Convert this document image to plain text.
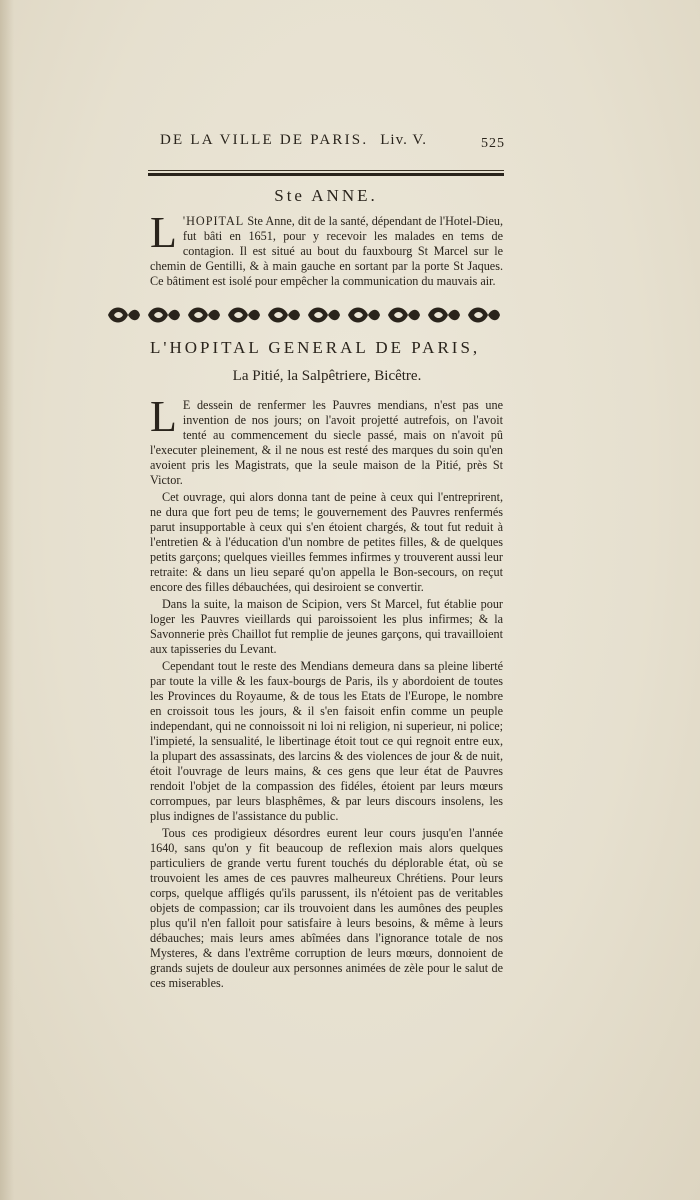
DE LA VILLE DE PARIS. Liv. V.	525
Ste ANNE.

L 'HOPITAL Ste Anne, dit de la santé, dépendant de l'Hotel-Dieu, fut bâti en 1651, pour y recevoir les malades en tems de contagion. Il est situé au bout du fauxbourg St Marcel sur le chemin de Gentilli, & à main gauche en sortant par la porte St Jaques. Ce bâtiment est isolé pour empêcher la communication du mauvais air.

L'HOPITAL GENERAL DE PARIS,
La Pitié, la Salpêtriere, Bicêtre.

L E dessein de renfermer les Pauvres mendians, n'est pas une invention de nos jours; on l'avoit projetté autrefois, on l'avoit tenté au commencement du siecle passé, mais on n'avoit pû l'executer pleinement, & il ne nous est resté des marques du soin qu'en avoient pris les Magistrats, que la seule maison de la Pitié, près St Victor.

Cet ouvrage, qui alors donna tant de peine à ceux qui l'entreprirent, ne dura que fort peu de tems; le gouvernement des Pauvres renfermés parut insupportable à ceux qui s'en étoient chargés, & tout fut reduit à l'entretien & à l'éducation d'un nombre de petites filles, & de quelques petits garçons; quelques vieilles femmes infirmes y trouverent aussi leur retraite: & dans un lieu separé qu'on appella le Bon-secours, on reçut encore des filles débauchées, qui desiroient se convertir.

Dans la suite, la maison de Scipion, vers St Marcel, fut établie pour loger les Pauvres vieillards qui paroissoient les plus infirmes; & la Savonnerie près Chaillot fut remplie de jeunes garçons, qui travailloient aux tapisseries du Levant.

Cependant tout le reste des Mendians demeura dans sa pleine liberté par toute la ville & les faux-bourgs de Paris, ils y abordoient de toutes les Provinces du Royaume, & de tous les Etats de l'Europe, le nombre en croissoit tous les jours, & il s'en faisoit enfin comme un peuple independant, qui ne connoissoit ni loi ni religion, ni superieur, ni police; l'impieté, la sensualité, le libertinage étoit tout ce qui regnoit entre eux, la plupart des assassinats, des larcins & des violences de jour & de nuit, étoit l'ouvrage de leurs mains, & ces gens que leur état de Pauvres rendoit l'objet de la compassion des fidéles, étoient par leurs mœurs corrompues, par leurs blasphêmes, & par leurs discours insolens, les plus indignes de l'assistance du public.

Tous ces prodigieux désordres eurent leur cours jusqu'en l'année 1640, sans qu'on y fit beaucoup de reflexion mais alors quelques particuliers de grande vertu furent touchés du déplorable état, où se trouvoient les ames de ces pauvres malheureux Chrétiens. Pour leurs corps, quelque affligés qu'ils parussent, ils n'étoient pas de veritables objets de compassion; car ils trouvoient dans les aumônes des peuples plus qu'il n'en falloit pour satisfaire à leurs besoins, & même à leurs débauches; mais leurs ames abîmées dans l'ignorance totale de nos Mysteres, & dans l'extrême corruption de leurs mœurs, donnoient de grands sujets de douleur aux personnes animées de zèle pour le salut de ces miserables.
